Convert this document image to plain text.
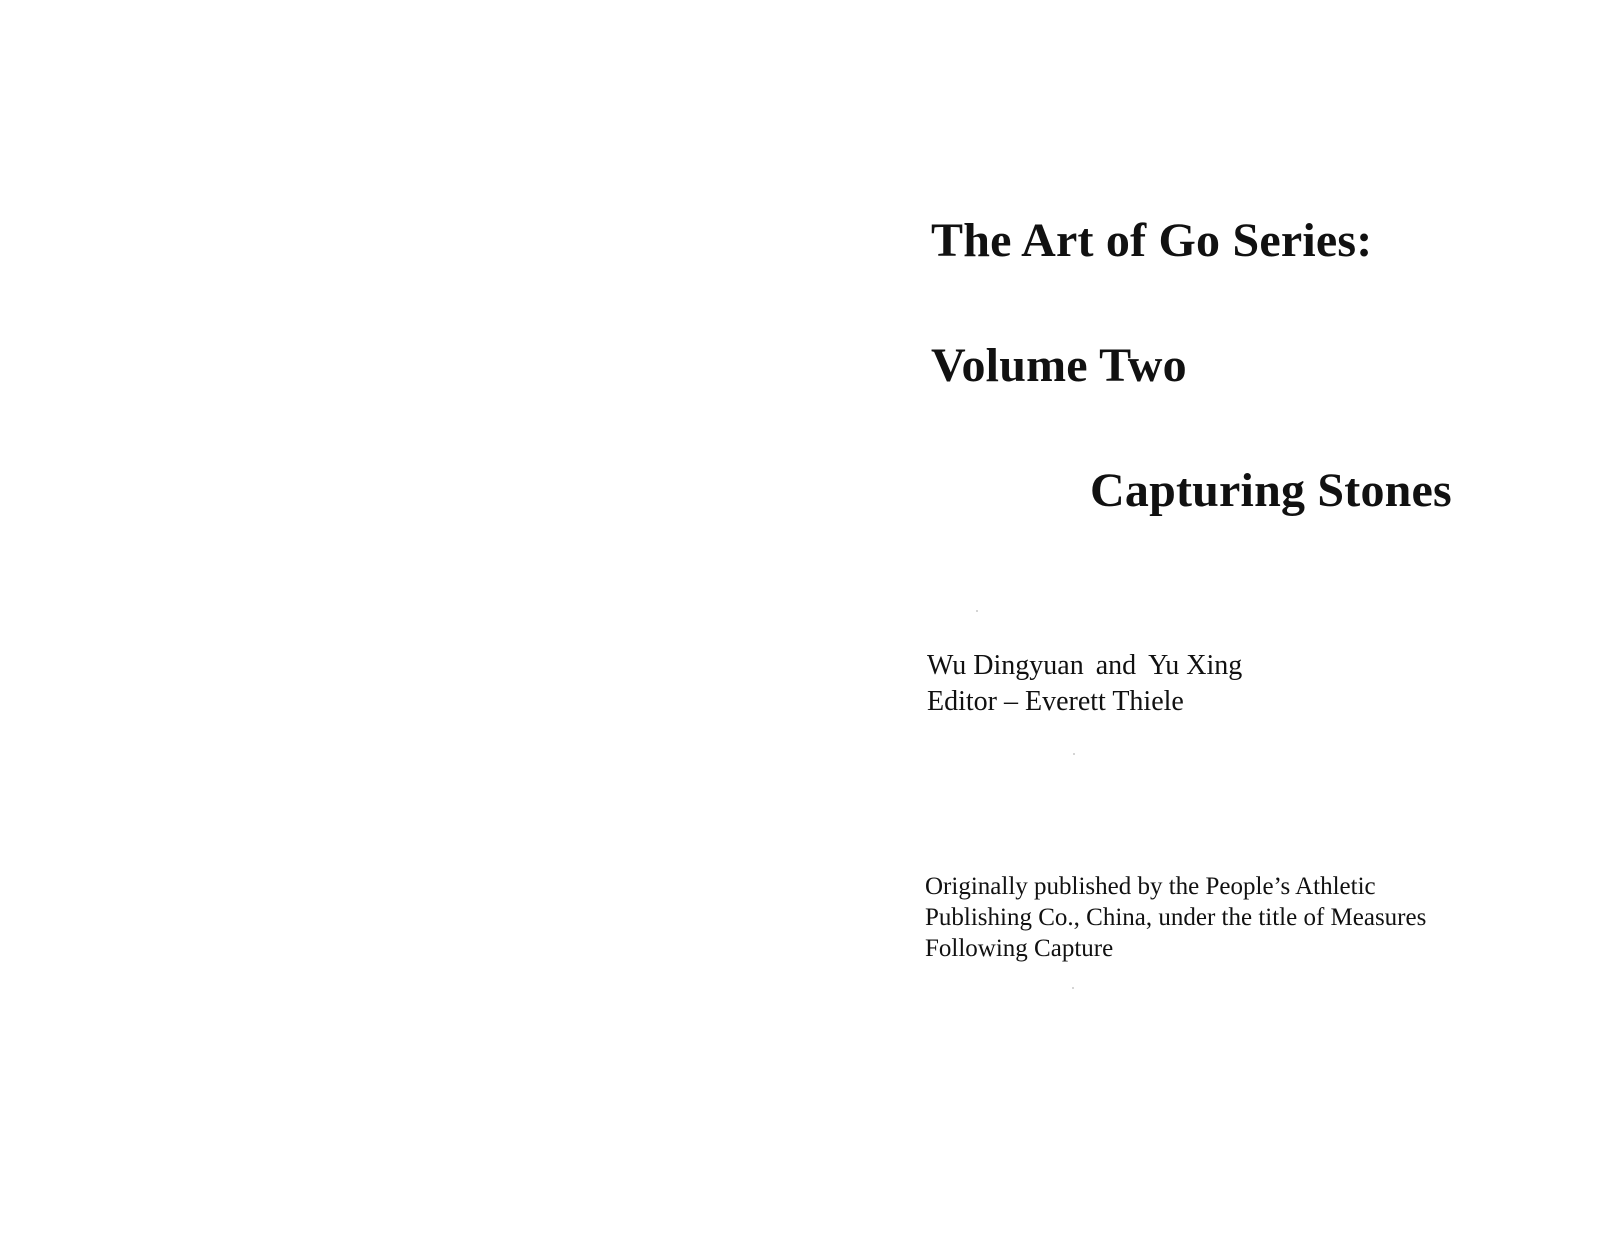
The Art of Go Series:
Volume Two
Capturing Stones
Wu Dingyuan and Yu Xing
Editor – Everett Thiele
Originally published by the People’s Athletic
Publishing Co., China, under the title of Measures
Following Capture
